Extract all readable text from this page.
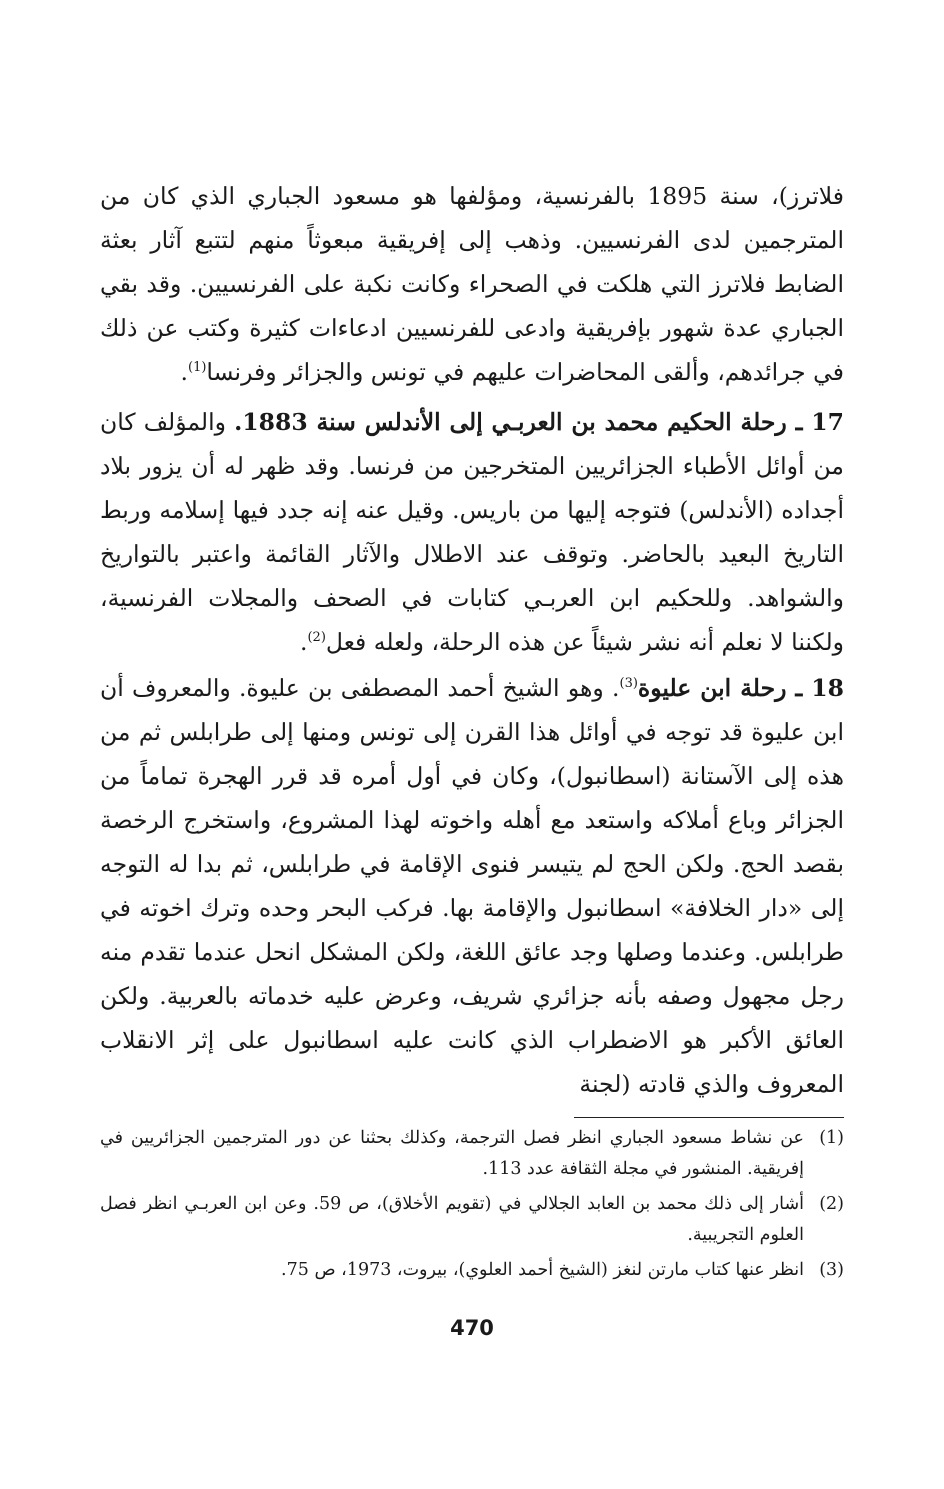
فلاترز)، سنة 1895 بالفرنسية، ومؤلفها هو مسعود الجباري الذي كان من المترجمين لدى الفرنسيين. وذهب إلى إفريقية مبعوثاً منهم لتتبع آثار بعثة الضابط فلاترز التي هلكت في الصحراء وكانت نكبة على الفرنسيين. وقد بقي الجباري عدة شهور بإفريقية وادعى للفرنسيين ادعاءات كثيرة وكتب عن ذلك في جرائدهم، وألقى المحاضرات عليهم في تونس والجزائر وفرنسا$^{(1)}$.

17 ـ رحلة الحكيم محمد بن العربـي إلى الأندلس سنة 1883. والمؤلف كان من أوائل الأطباء الجزائريين المتخرجين من فرنسا. وقد ظهر له أن يزور بلاد أجداده (الأندلس) فتوجه إليها من باريس. وقيل عنه إنه جدد فيها إسلامه وربط التاريخ البعيد بالحاضر. وتوقف عند الاطلال والآثار القائمة واعتبر بالتواريخ والشواهد. وللحكيم ابن العربـي كتابات في الصحف والمجلات الفرنسية، ولكننا لا نعلم أنه نشر شيئاً عن هذه الرحلة، ولعله فعل$^{(2)}$.

18 ـ رحلة ابن عليوة$^{(3)}$. وهو الشيخ أحمد المصطفى بن عليوة. والمعروف أن ابن عليوة قد توجه في أوائل هذا القرن إلى تونس ومنها إلى طرابلس ثم من هذه إلى الآستانة (اسطانبول)، وكان في أول أمره قد قرر الهجرة تماماً من الجزائر وباع أملاكه واستعد مع أهله واخوته لهذا المشروع، واستخرج الرخصة بقصد الحج. ولكن الحج لم يتيسر فنوى الإقامة في طرابلس، ثم بدا له التوجه إلى «دار الخلافة» اسطانبول والإقامة بها. فركب البحر وحده وترك اخوته في طرابلس. وعندما وصلها وجد عائق اللغة، ولكن المشكل انحل عندما تقدم منه رجل مجهول وصفه بأنه جزائري شريف، وعرض عليه خدماته بالعربية. ولكن العائق الأكبر هو الاضطراب الذي كانت عليه اسطانبول على إثر الانقلاب المعروف والذي قادته (لجنة

(1)
عن نشاط مسعود الجباري انظر فصل الترجمة، وكذلك بحثنا عن دور المترجمين الجزائريين في إفريقية. المنشور في مجلة الثقافة عدد 113.

(2)
أشار إلى ذلك محمد بن العابد الجلالي في (تقويم الأخلاق)، ص 59. وعن ابن العربـي انظر فصل العلوم التجريبية.

(3)
انظر عنها كتاب مارتن لنغز (الشيخ أحمد العلوي)، بيروت، 1973، ص 75.

470
